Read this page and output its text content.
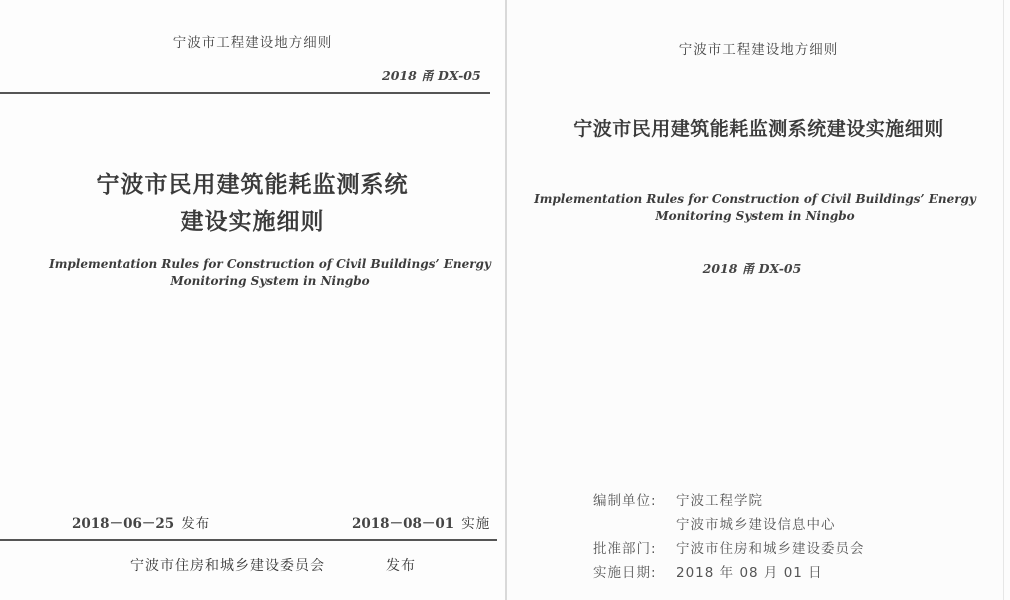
宁波市工程建设地方细则
2018 甬 DX-05
宁波市民用建筑能耗监测系统
建设实施细则
Implementation Rules for Construction of Civil Buildings’ Energy
Monitoring System in Ningbo
2018－06－25 发布	2018－08－01 实施
宁波市住房和城乡建设委员会	发布
宁波市工程建设地方细则
宁波市民用建筑能耗监测系统建设实施细则
Implementation Rules for Construction of Civil Buildings’ Energy
Monitoring System in Ningbo
2018 甬 DX-05
编制单位: 宁波工程学院
宁波市城乡建设信息中心
批准部门: 宁波市住房和城乡建设委员会
实施日期: 2018 年 08 月 01 日
